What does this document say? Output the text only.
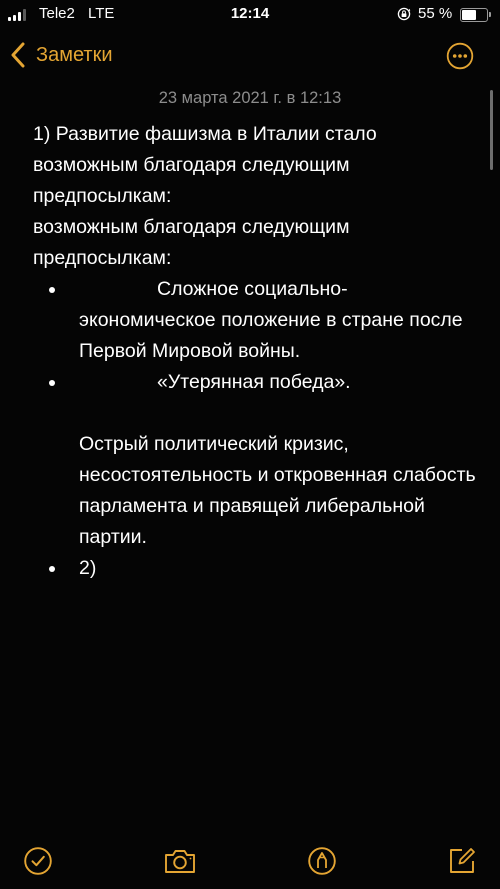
Tele2 LTE	12:14	55 %
Заметки
23 марта 2021 г. в 12:13

1) Развитие фашизма в Италии стало возможным благодаря следующим предпосылкам:

возможным благодаря следующим предпосылкам:

Сложное социально-экономическое положение в стране после Первой Мировой войны.
«Утерянная победа».
Острый политический кризис, несостоятельность и откровенная слабость парламента и правящей либеральной партии.
2)
